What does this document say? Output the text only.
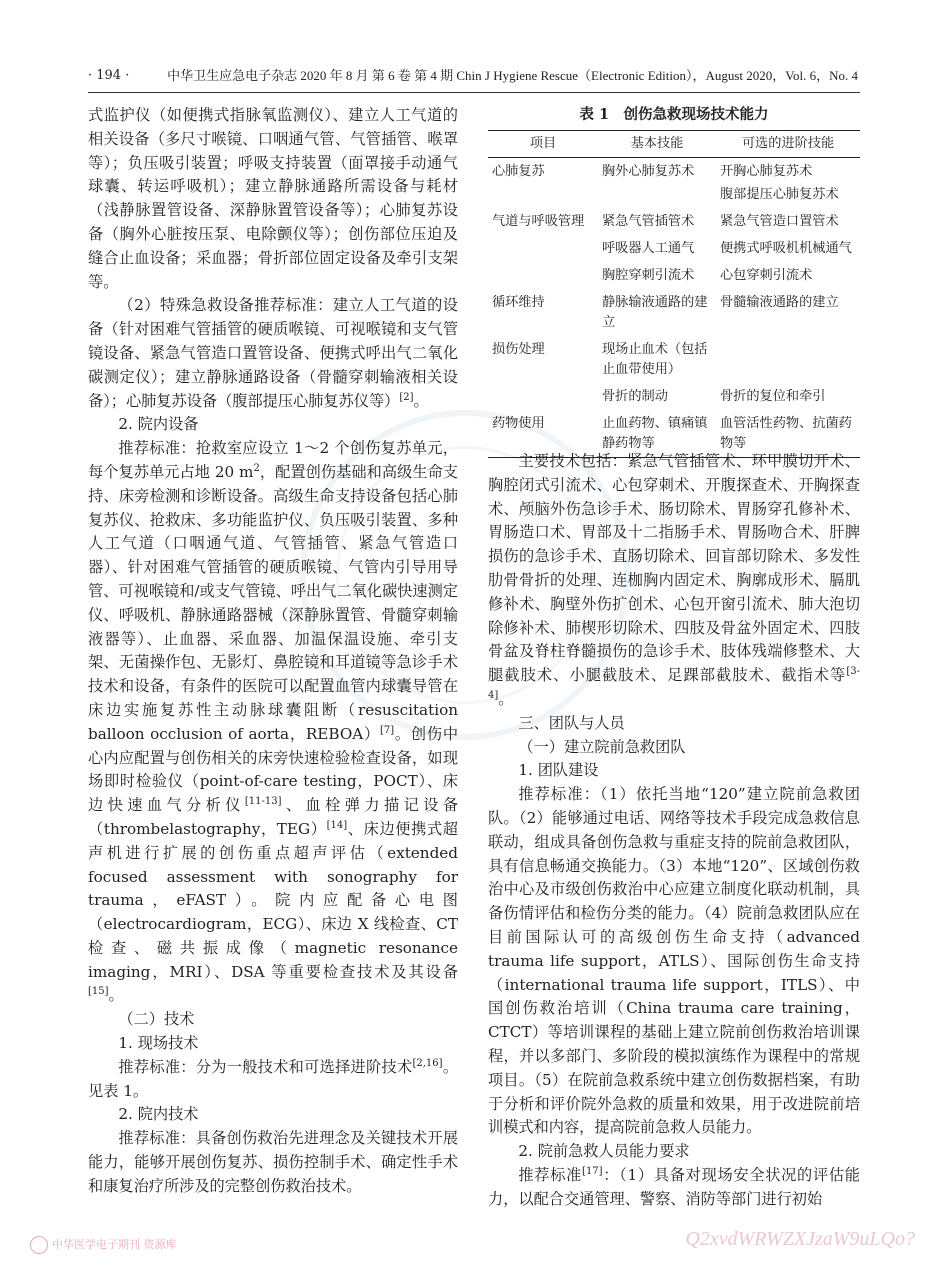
· 194 ·	中华卫生应急电子杂志 2020 年 8 月 第 6 卷 第 4 期 Chin J Hygiene Rescue（Electronic Edition），August 2020，Vol. 6，No. 4

式监护仪（如便携式指脉氧监测仪）、建立人工气道的相关设备（多尺寸喉镜、口咽通气管、气管插管、喉罩等）；负压吸引装置；呼吸支持装置（面罩接手动通气球囊、转运呼吸机）；建立静脉通路所需设备与耗材（浅静脉置管设备、深静脉置管设备等）；心肺复苏设备（胸外心脏按压泵、电除颤仪等）；创伤部位压迫及缝合止血设备；采血器；骨折部位固定设备及牵引支架等。

（2）特殊急救设备推荐标准：建立人工气道的设备（针对困难气管插管的硬质喉镜、可视喉镜和支气管镜设备、紧急气管造口置管设备、便携式呼出气二氧化碳测定仪）；建立静脉通路设备（骨髓穿刺输液相关设备）；心肺复苏设备（腹部提压心肺复苏仪等）[2]。

2. 院内设备

推荐标准：抢救室应设立 1～2 个创伤复苏单元，每个复苏单元占地 20 $m^2$，配置创伤基础和高级生命支持、床旁检测和诊断设备。高级生命支持设备包括心肺复苏仪、抢救床、多功能监护仪、负压吸引装置、多种人工气道（口咽通气道、气管插管、紧急气管造口器）、针对困难气管插管的硬质喉镜、气管内引导用导管、可视喉镜和/或支气管镜、呼出气二氧化碳快速测定仪、呼吸机、静脉通路器械（深静脉置管、骨髓穿刺输液器等）、止血器、采血器、加温保温设施、牵引支架、无菌操作包、无影灯、鼻腔镜和耳道镜等急诊手术技术和设备，有条件的医院可以配置血管内球囊导管在床边实施复苏性主动脉球囊阻断（resuscitation balloon occlusion of aorta，REBOA）[7]。创伤中心内应配置与创伤相关的床旁快速检验检查设备，如现场即时检验仪（point-of-care testing，POCT）、床边快速血气分析仪[11-13]、血栓弹力描记设备（thrombelastography，TEG）[14]、床边便携式超声机进行扩展的创伤重点超声评估（extended focused assessment with sonography for trauma，eFAST）。院内应配备心电图（electrocardiogram，ECG）、床边 X 线检查、CT 检查、磁共振成像（magnetic resonance imaging，MRI）、DSA 等重要检查技术及其设备[15]。

（二）技术

1. 现场技术

推荐标准：分为一般技术和可选择进阶技术[2,16]。见表 1。

2. 院内技术

推荐标准：具备创伤救治先进理念及关键技术开展能力，能够开展创伤复苏、损伤控制手术、确定性手术和康复治疗所涉及的完整创伤救治技术。

表 1　创伤急救现场技术能力
项目	基本技能	可选的进阶技能
心肺复苏	胸外心肺复苏术	开胸心肺复苏术
		腹部提压心肺复苏术
气道与呼吸管理	紧急气管插管术	紧急气管造口置管术
	呼吸器人工通气	便携式呼吸机机械通气
	胸腔穿刺引流术	心包穿刺引流术
循环维持	静脉输液通路的建立	骨髓输液通路的建立
损伤处理	现场止血术（包括止血带使用）	
	骨折的制动	骨折的复位和牵引
药物使用	止血药物、镇痛镇静药物等	血管活性药物、抗菌药物等

主要技术包括：紧急气管插管术、环甲膜切开术、胸腔闭式引流术、心包穿刺术、开腹探查术、开胸探查术、颅脑外伤急诊手术、肠切除术、胃肠穿孔修补术、胃肠造口术、胃部及十二指肠手术、胃肠吻合术、肝脾损伤的急诊手术、直肠切除术、回盲部切除术、多发性肋骨骨折的处理、连枷胸内固定术、胸廓成形术、膈肌修补术、胸壁外伤扩创术、心包开窗引流术、肺大泡切除修补术、肺楔形切除术、四肢及骨盆外固定术、四肢骨盆及脊柱脊髓损伤的急诊手术、肢体残端修整术、大腿截肢术、小腿截肢术、足踝部截肢术、截指术等[3-4]。

三、团队与人员

（一）建立院前急救团队

1. 团队建设

推荐标准：（1）依托当地“120”建立院前急救团队。（2）能够通过电话、网络等技术手段完成急救信息联动，组成具备创伤急救与重症支持的院前急救团队，具有信息畅通交换能力。（3）本地“120”、区域创伤救治中心及市级创伤救治中心应建立制度化联动机制，具备伤情评估和检伤分类的能力。（4）院前急救团队应在目前国际认可的高级创伤生命支持（advanced trauma life support，ATLS）、国际创伤生命支持（international trauma life support，ITLS）、中国创伤救治培训（China trauma care training，CTCT）等培训课程的基础上建立院前创伤救治培训课程，并以多部门、多阶段的模拟演练作为课程中的常规项目。（5）在院前急救系统中建立创伤数据档案，有助于分析和评价院外急救的质量和效果，用于改进院前培训模式和内容，提高院前急救人员能力。

2. 院前急救人员能力要求

推荐标准[17]：（1）具备对现场安全状况的评估能力，以配合交通管理、警察、消防等部门进行初始

中华医学电子期刊 资源库	Q2xvdWRWZXJzaW9uLQo?
